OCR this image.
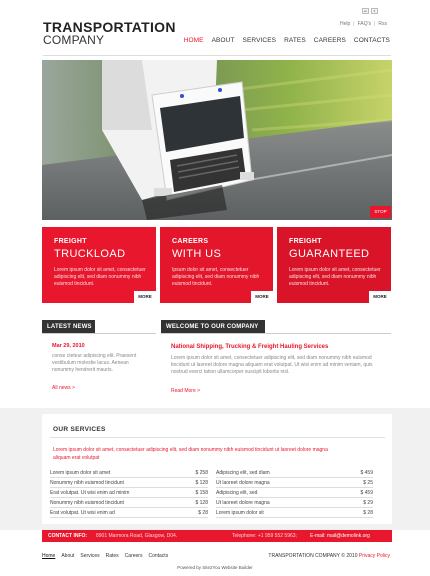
TRANSPORTATION
COMPANY
en	fr
Help | FAQ's | Rss
HOME ABOUT SERVICES RATES CAREERS CONTACTS
STOP
FREIGHT
TRUCKLOAD
Lorem ipsum dolor sit amet, consectetuer adipiscing elit, sed diam nonummy nibh euismod tincidunt.
MORE
CAREERS
WITH US
Ipsum dolor sit amet, consectetuer adipiscing elit, sed diam nonummy nibh euismod tincidunt.
MORE
FREIGHT
GUARANTEED
Lorem ipsum dolor sit amet, consectetuer adipiscing elit, sed diam nonummy nibh euismod tincidunt.
MORE
LATEST NEWS
Mar 29, 2010
conse cteteur adipiscing elit. Praesent vestibulum molestie lacus. Aenean nonummy hendrerit mauris.
All news >
WELCOME TO OUR COMPANY
National Shipping, Trucking & Freight Hauling Services
Lorem ipsum dolor sit amet, consectetuer adipiscing elit, sed diam nonummy nibh euismod tincidunt ut laoreet dolore magna aliquam erat volutpat. Ut wisi enim ad minim veniam, quis nostrud exerci tation ullamcorper suscipit lobortis nisl.
Read More >
OUR SERVICES
Lorem ipsum dolor sit amet, consectetuer adipiscing elit, sed diam nonummy nibh euismod tincidunt ut laoreet dolore magna aliquam erat volutpat
Lorem ipsum dolor sit amet	$ 258
Nonummy nibh euismod tincidunt	$ 128
Erat volutpat. Ut wisi enim ad minim	$ 158
Nonummy nibh euismod tincidunt	$ 128
Erat volutpat. Ut wisi enim ad	$ 28
Adipiscing elit, sed diam	$ 459
Ut laoreet dolore magna	$ 25
Adipiscing elit, sed	$ 459
Ut laoreet dolore magna	$ 29
Lorem ipsum dolor sit	$ 28
CONTACT INFO: 8901 Marmora Road, Glasgow, D04.	Telephone: +1 959 552 5963;	E-mail: mail@demolink.org
Home About Services Rates Careers Contacts	TRANSPORTATION COMPANY © 2010 Privacy Policy
Powered by Site2You Website Builder
